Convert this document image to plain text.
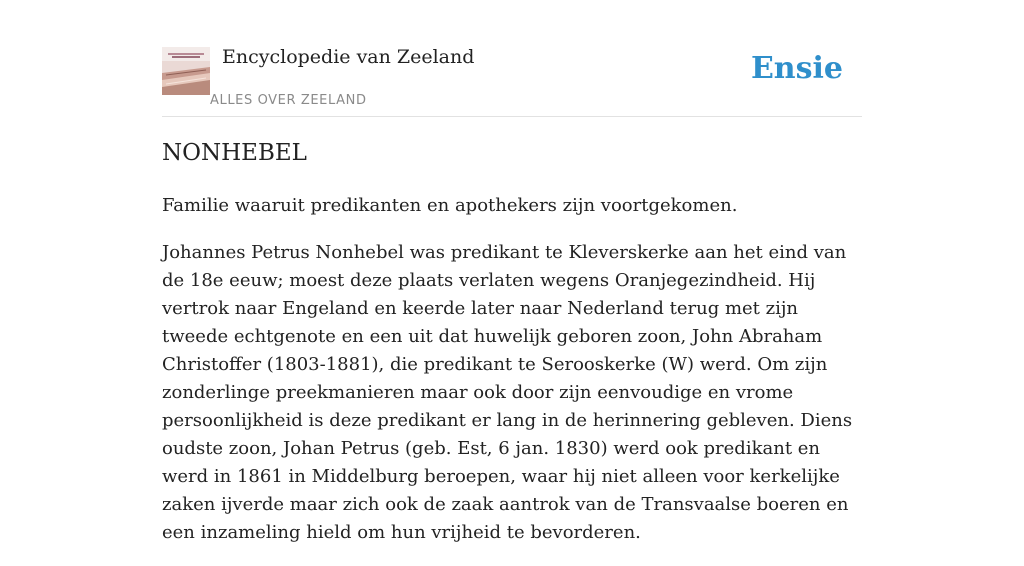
Encyclopedie van Zeeland
ALLES OVER ZEELAND
Ensie
NONHEBEL

Familie waaruit predikanten en apothekers zijn voortgekomen.

Johannes Petrus Nonhebel was predikant te Kleverskerke aan het eind van de 18e eeuw; moest deze plaats verlaten wegens Oranjegezindheid. Hij vertrok naar Engeland en keerde later naar Nederland terug met zijn tweede echtgenote en een uit dat huwelijk geboren zoon, John Abraham Christoffer (1803-1881), die predikant te Serooskerke (W) werd. Om zijn zonderlinge preekmanieren maar ook door zijn eenvoudige en vrome persoonlijkheid is deze predikant er lang in de herinnering gebleven. Diens oudste zoon, Johan Petrus (geb. Est, 6 jan. 1830) werd ook predikant en werd in 1861 in Middelburg beroepen, waar hij niet alleen voor kerkelijke zaken ijverde maar zich ook de zaak aantrok van de Transvaalse boeren en een inzameling hield om hun vrijheid te bevorderen.
